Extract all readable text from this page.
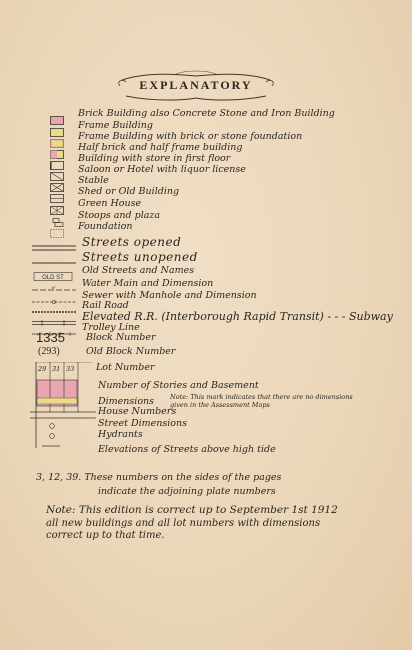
EXPLANATORY
Brick Building also Concrete Stone and Iron Building
Frame Building
Frame Building with brick or stone foundation
Half brick and half frame building
Building with store in first floor
Saloon or Hotel with liquor license
Stable
Shed or Old Building
Green House
Stoops and plaza
Foundation
Streets opened
Streets unopened
OLD ST
Old Streets and Names
6"	Water Main and Dimension
Sewer with Manhole and Dimension
Rail Road
Elevated R.R. (Interborough Rapid Transit) - - - Subway
Trolley Line
1335 Block Number
(293)	Old Block Number
29 31 33 Lot Number
Number of Stories and Basement
Dimensions Note: This mark indicates that there are no dimensions given in the Assessment Maps
House Numbers
Street Dimensions
Hydrants
Elevations of Streets above high tide
3, 12, 39. These numbers on the sides of the pages
indicate the adjoining plate numbers
Note: This edition is correct up to September 1st 1912
all new buildings and all lot numbers with dimensions
correct up to that time.
